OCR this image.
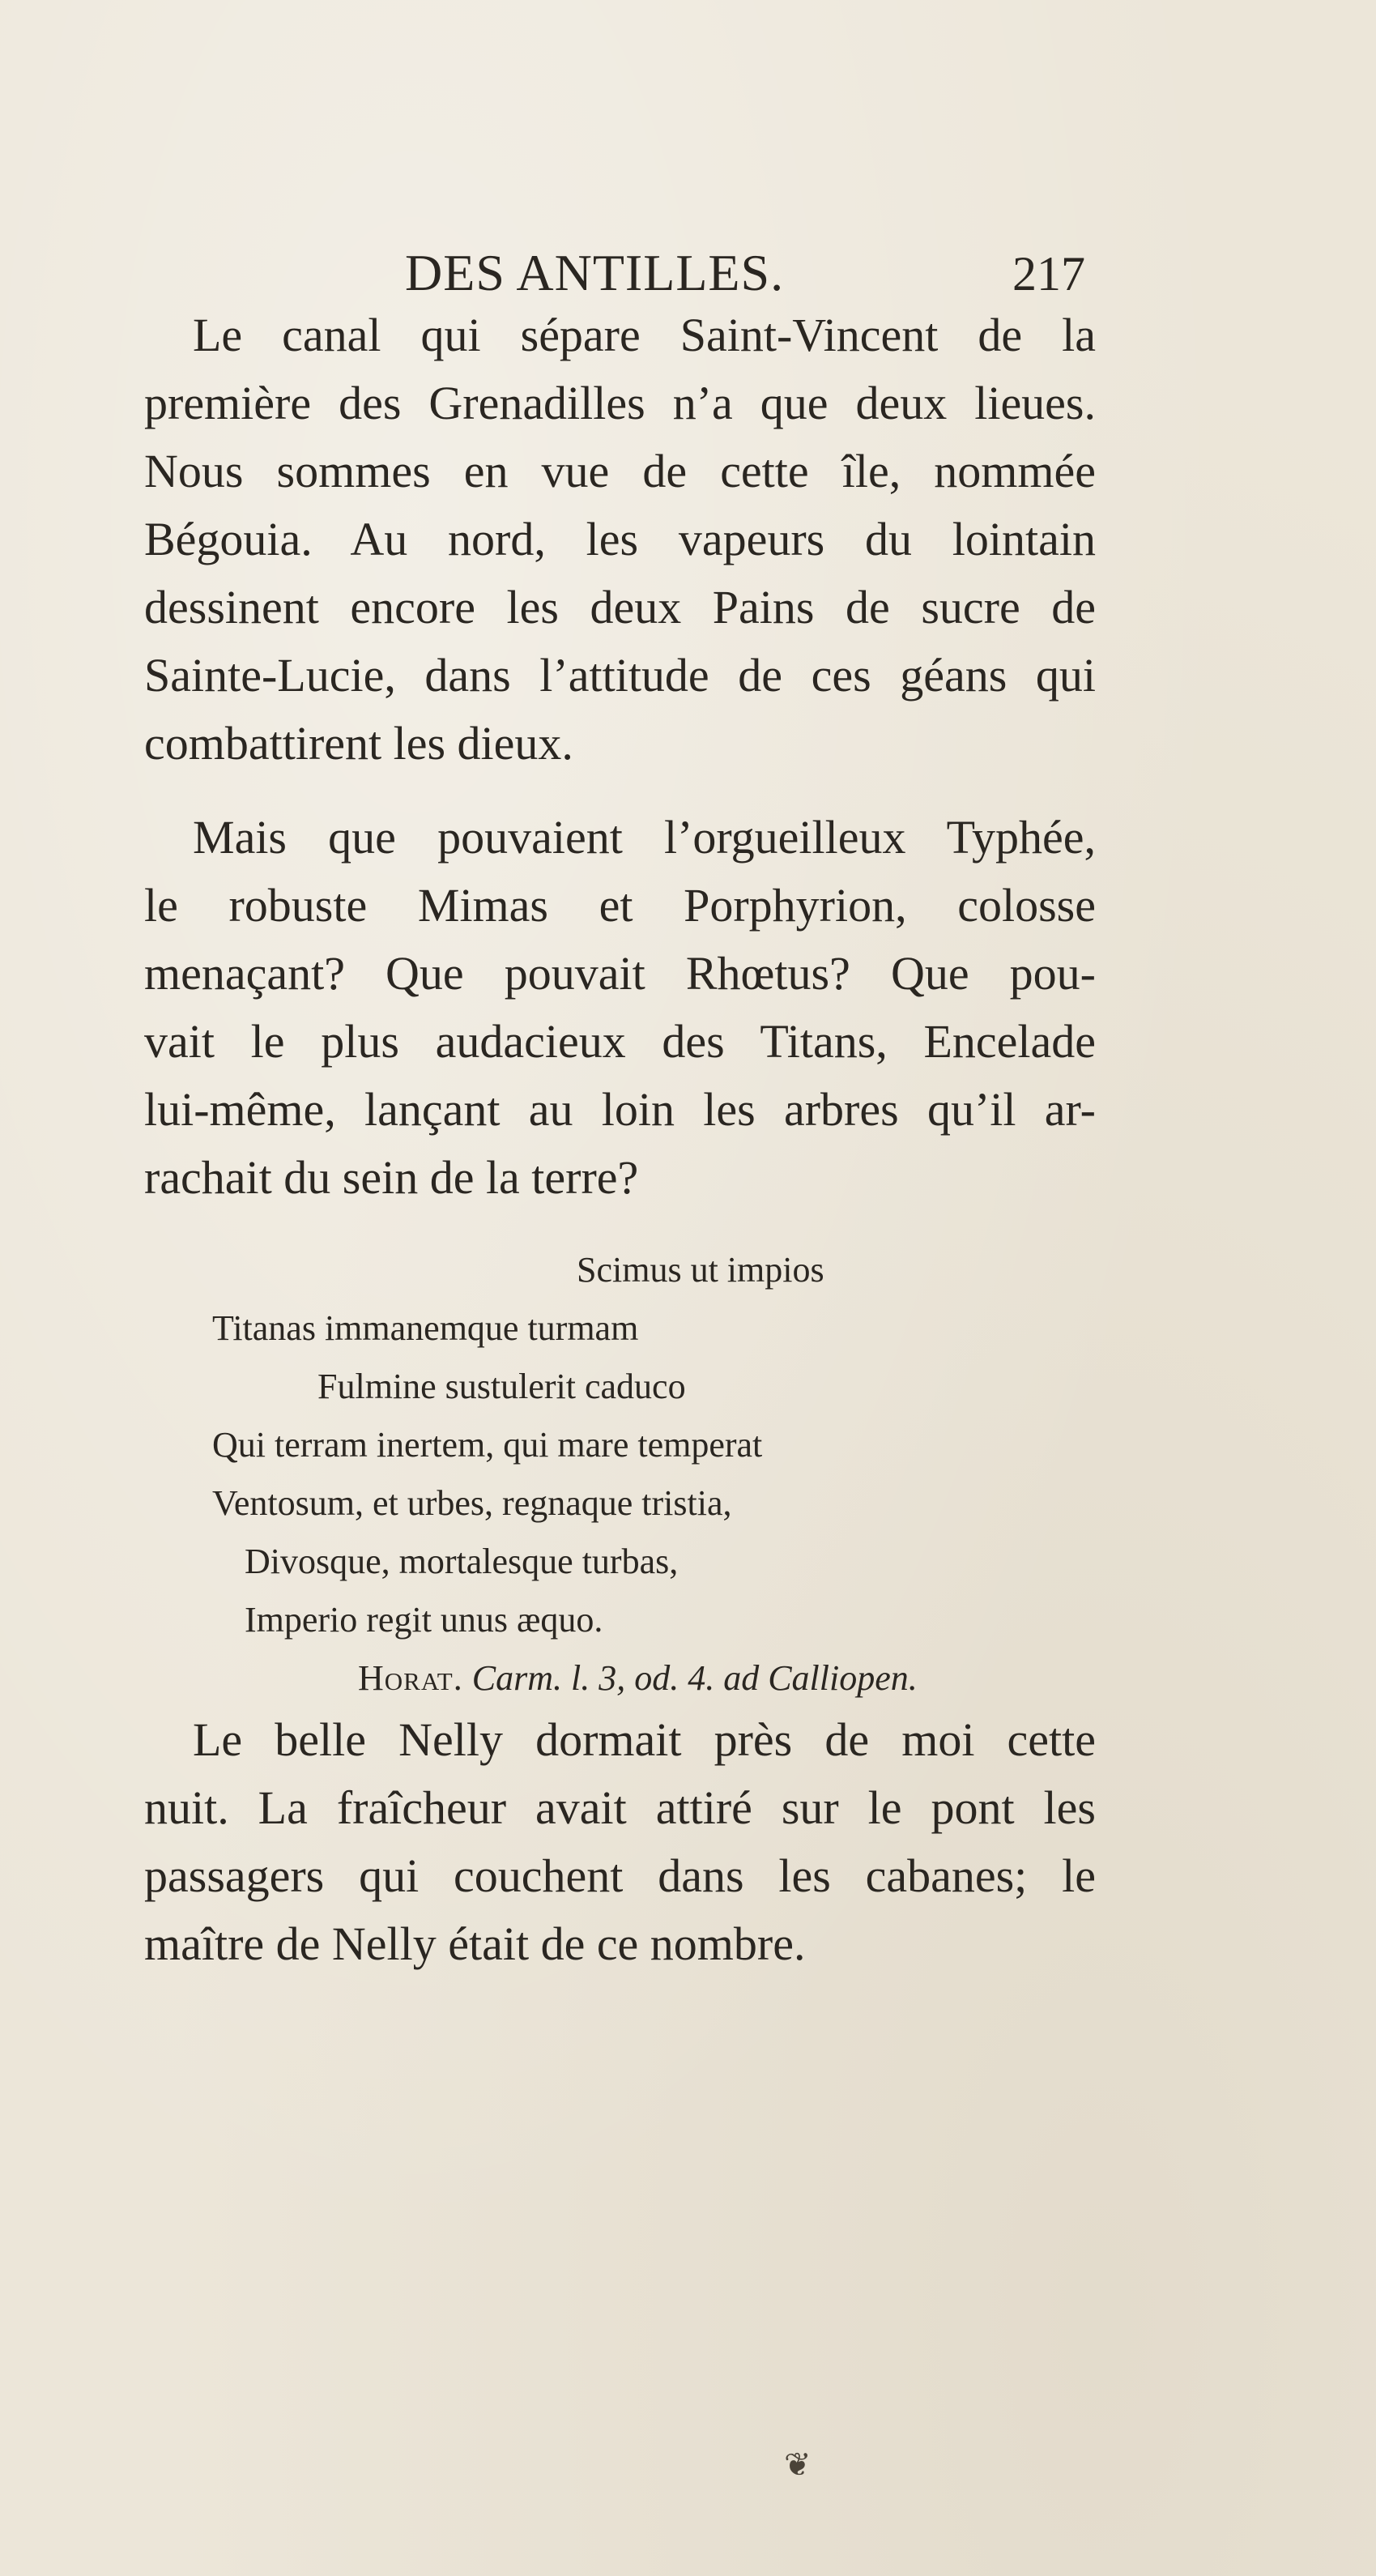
DES ANTILLES.	217

Le canal qui sépare Saint-Vincent de la
première des Grenadilles n’a que deux lieues.
Nous sommes en vue de cette île, nommée
Bégouia. Au nord, les vapeurs du lointain
dessinent encore les deux Pains de sucre de
Sainte-Lucie, dans l’attitude de ces géans qui
combattirent les dieux.

Mais que pouvaient l’orgueilleux Typhée,
le robuste Mimas et Porphyrion, colosse
menaçant? Que pouvait Rhœtus? Que pou-
vait le plus audacieux des Titans, Encelade
lui-même, lançant au loin les arbres qu’il ar-
rachait du sein de la terre?

Scimus ut impios
Titanas immanemque turmam
Fulmine sustulerit caduco
Qui terram inertem, qui mare temperat
Ventosum, et urbes, regnaque tristia,
Divosque, mortalesque turbas,
Imperio regit unus æquo.
Horat. Carm. l. 3, od. 4. ad Calliopen.

Le belle Nelly dormait près de moi cette
nuit. La fraîcheur avait attiré sur le pont les
passagers qui couchent dans les cabanes; le
maître de Nelly était de ce nombre.

❦
